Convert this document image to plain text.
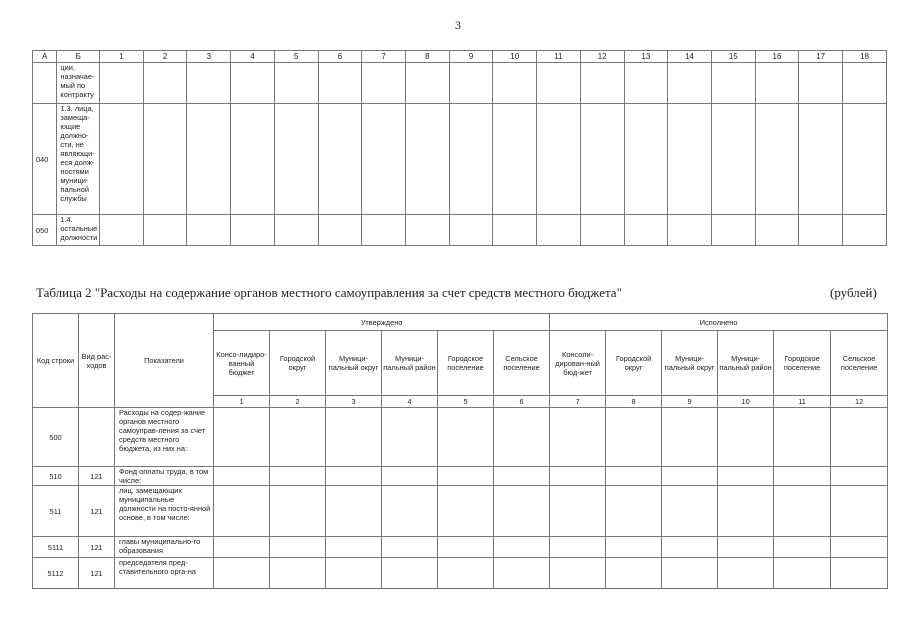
3
А	Б	1	2	3	4	5	6	7	8	9	10	11	12	13	14	15	16	17	18
	ции, назначае-мый по контракту																		
040	1.3. лица, замеща-ющие должно-сти, не являющи-еся долж-ностями муници-пальной службы																		
050	1.4. остальные должности																		
Таблица 2 "Расходы на содержание органов местного самоуправления за счет средств местного бюджета"	(рублей)
Код строки	Вид рас-ходов	Показатели	Утверждено						Исполнено					
			Консо-лидиро-ванный бюджет	Городской округ	Муници-пальный округ	Муници-пальный район	Городское поселение	Сельское поселение	Консоли-дирован-ный бюд-жет	Городской округ	Муници-пальный округ	Муници-пальный район	Городское поселение	Сельское поселение
			1	2	3	4	5	6	7	8	9	10	11	12
500		Расходы на содер-жание органов местного самоуправ-ления за счет средств местного бюджета, из них на:												
510	121	Фонд оплаты труда, в том числе:												
511	121	лиц, замещающих муниципальные должности на посто-янной основе, в том числе:												
5111	121	главы муниципально-го образования												
5112	121	председателя пред-ставительного орга-на												
